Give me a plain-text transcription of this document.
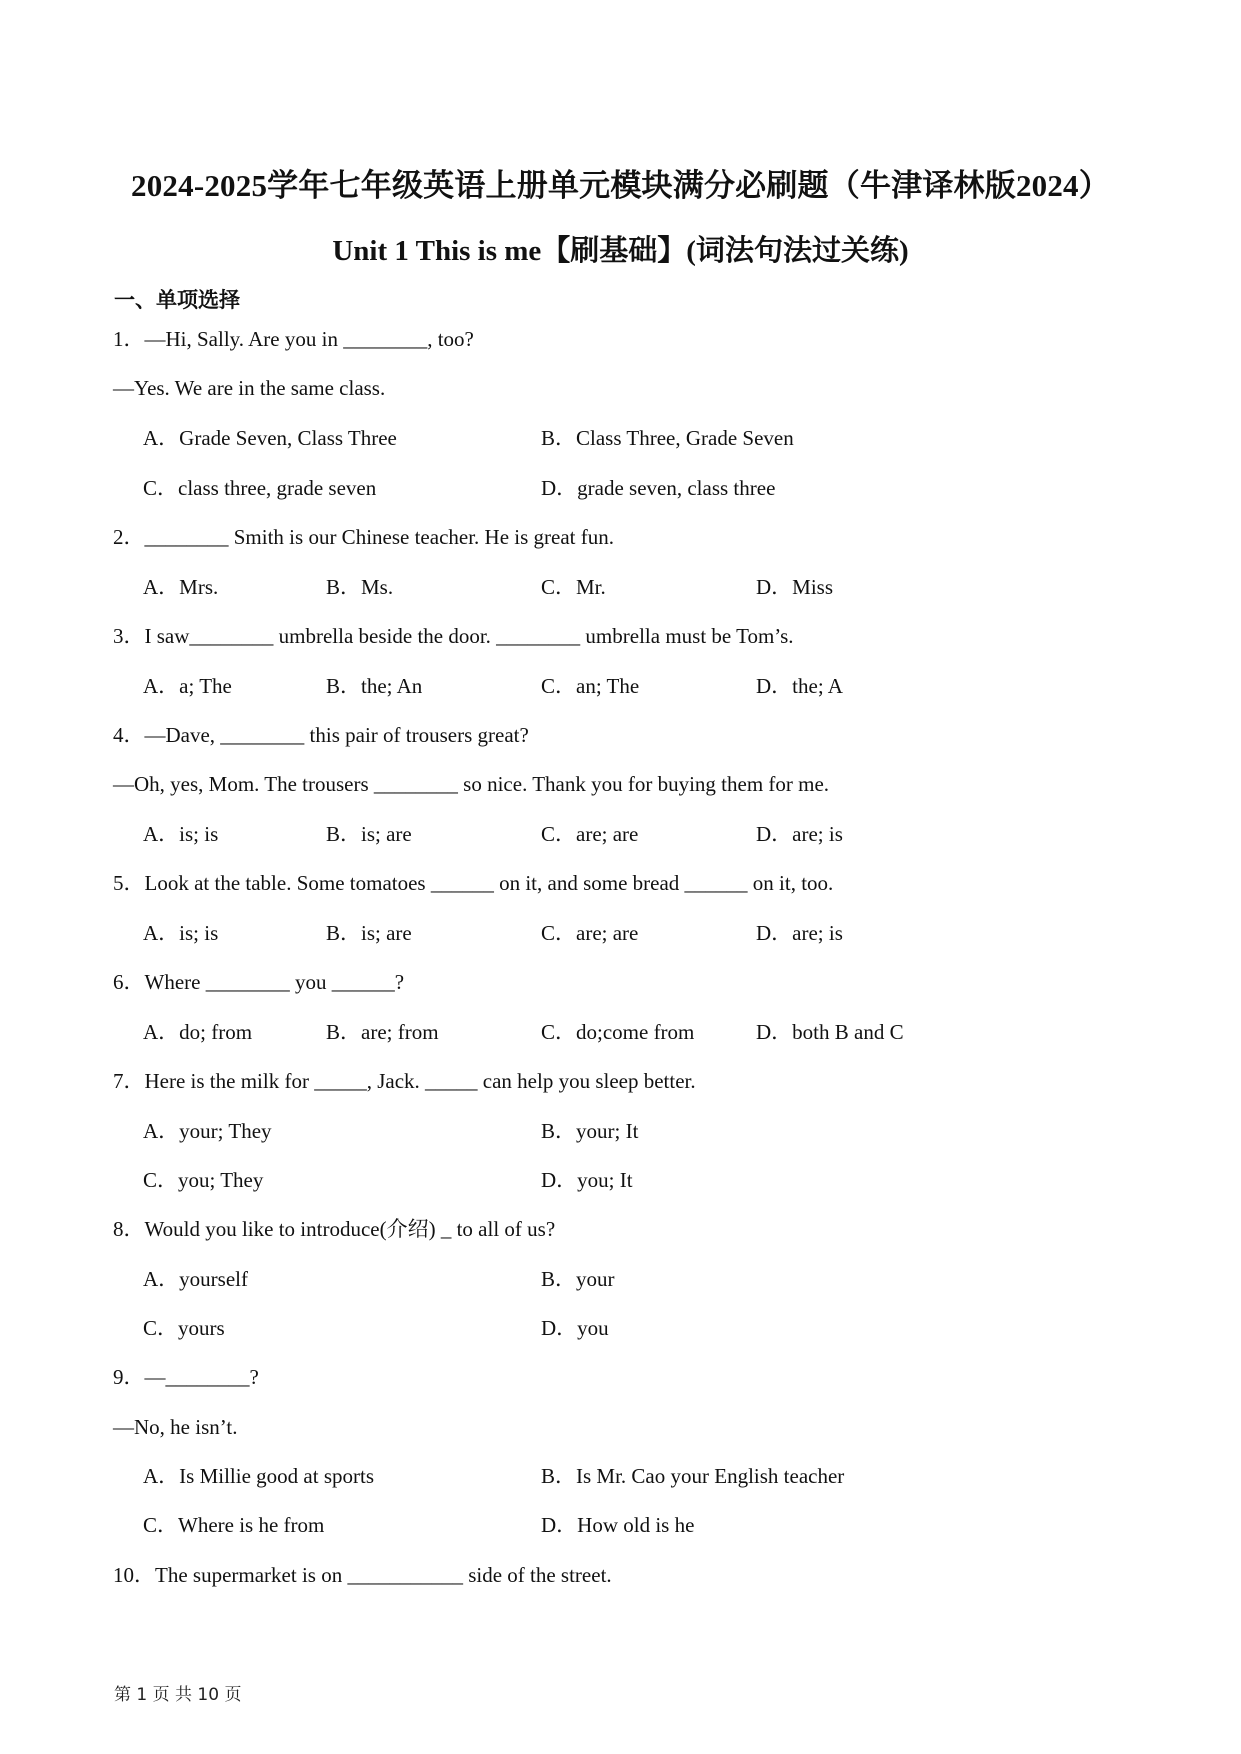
2024-2025学年七年级英语上册单元模块满分必刷题（牛津译林版2024）
Unit 1 This is me【刷基础】(词法句法过关练)
一、单项选择
1．—Hi, Sally. Are you in ________, too?
—Yes. We are in the same class.
A．Grade Seven, Class Three	B．Class Three, Grade Seven
C．class three, grade seven	D．grade seven, class three
2．________ Smith is our Chinese teacher. He is great fun.
A．Mrs.	B．Ms.	C．Mr.	D．Miss
3．I saw________ umbrella beside the door. ________ umbrella must be Tom’s.
A．a; The	B．the; An	C．an; The	D．the; A
4．—Dave, ________ this pair of trousers great?
—Oh, yes, Mom. The trousers ________ so nice. Thank you for buying them for me.
A．is; is	B．is; are	C．are; are	D．are; is
5．Look at the table. Some tomatoes ______ on it, and some bread ______ on it, too.
A．is; is	B．is; are	C．are; are	D．are; is
6．Where ________ you ______?
A．do; from	B．are; from	C．do;come from	D．both B and C
7．Here is the milk for _____, Jack. _____ can help you sleep better.
A．your; They	B．your; It
C．you; They	D．you; It
8．Would you like to introduce(介绍) _ to all of us?
A．yourself	B．your
C．yours	D．you
9．—________?
—No, he isn’t.
A．Is Millie good at sports	B．Is Mr. Cao your English teacher
C．Where is he from	D．How old is he
10．The supermarket is on ___________ side of the street.
第 1 页 共 10 页
